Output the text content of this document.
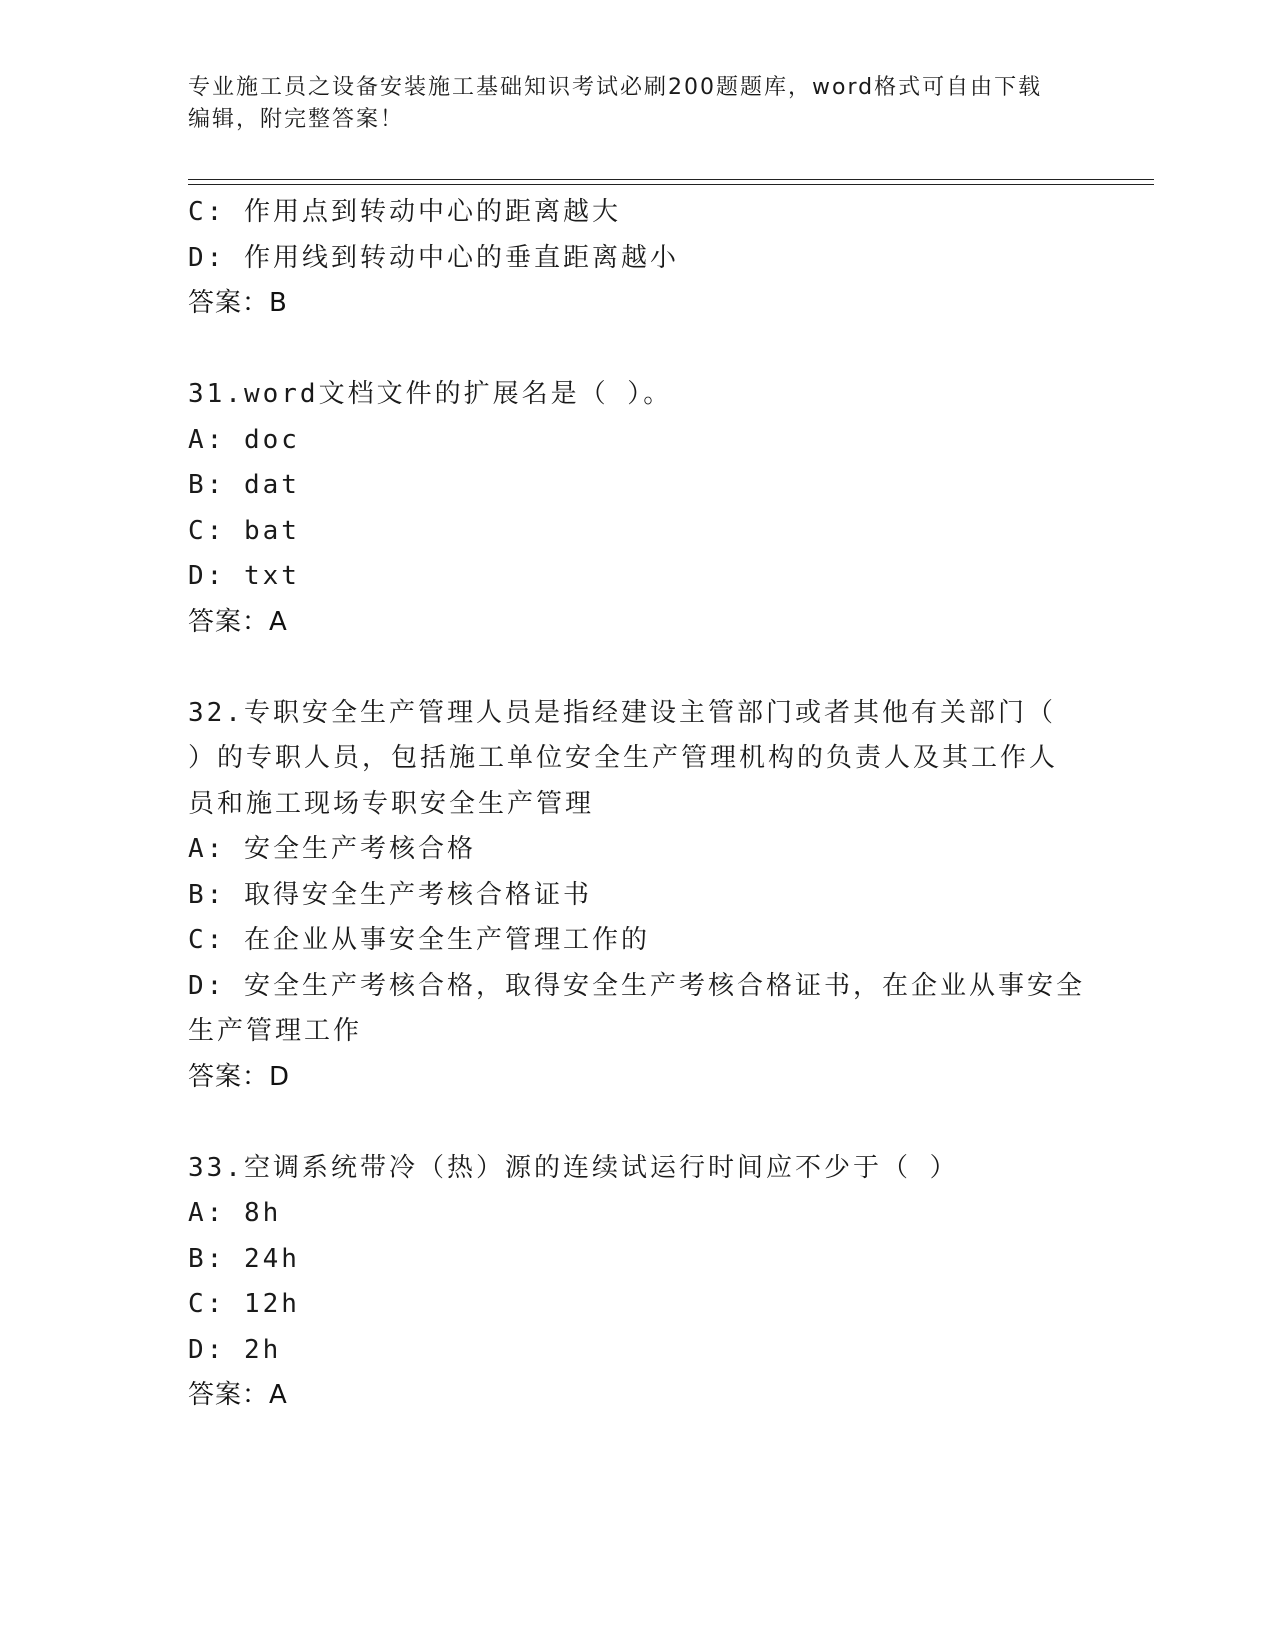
专业施工员之设备安装施工基础知识考试必刷200题题库，word格式可自由下载
编辑，附完整答案！
C: 作用点到转动中心的距离越大
D: 作用线到转动中心的垂直距离越小
答案：B
31.word文档文件的扩展名是（ ）。
A: doc
B: dat
C: bat
D: txt
答案：A
32.专职安全生产管理人员是指经建设主管部门或者其他有关部门（
）的专职人员，包括施工单位安全生产管理机构的负责人及其工作人
员和施工现场专职安全生产管理
A: 安全生产考核合格
B: 取得安全生产考核合格证书
C: 在企业从事安全生产管理工作的
D: 安全生产考核合格，取得安全生产考核合格证书，在企业从事安全
生产管理工作
答案：D
33.空调系统带冷（热）源的连续试运行时间应不少于（ ）
A: 8h
B: 24h
C: 12h
D: 2h
答案：A
